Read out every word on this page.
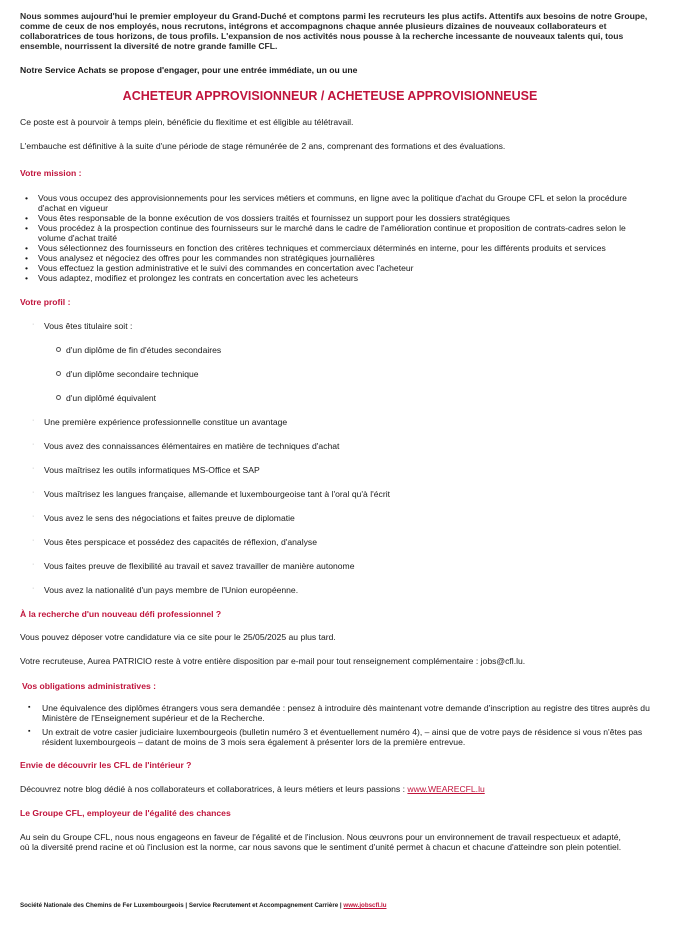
Nous sommes aujourd'hui le premier employeur du Grand-Duché et comptons parmi les recruteurs les plus actifs. Attentifs aux besoins de notre Groupe, comme de ceux de nos employés, nous recrutons, intégrons et accompagnons chaque année plusieurs dizaines de nouveaux collaborateurs et collaboratrices de tous horizons, de tous profils. L'expansion de nos activités nous pousse à la recherche incessante de nouveaux talents qui, tous ensemble, nourrissent la diversité de notre grande famille CFL.

Notre Service Achats se propose d'engager, pour une entrée immédiate, un ou une

ACHETEUR APPROVISIONNEUR / ACHETEUSE APPROVISIONNEUSE

Ce poste est à pourvoir à temps plein, bénéficie du flexitime et est éligible au télétravail.

L'embauche est définitive à la suite d'une période de stage rémunérée de 2 ans, comprenant des formations et des évaluations.

Votre mission :

• Vous vous occupez des approvisionnements pour les services métiers et communs, en ligne avec la politique d'achat du Groupe CFL et selon la procédure d'achat en vigueur
• Vous êtes responsable de la bonne exécution de vos dossiers traités et fournissez un support pour les dossiers stratégiques
• Vous procédez à la prospection continue des fournisseurs sur le marché dans le cadre de l'amélioration continue et proposition de contrats-cadres selon le volume d'achat traité
• Vous sélectionnez des fournisseurs en fonction des critères techniques et commerciaux déterminés en interne, pour les différents produits et services
• Vous analysez et négociez des offres pour les commandes non stratégiques journalières
• Vous effectuez la gestion administrative et le suivi des commandes en concertation avec l'acheteur
• Vous adaptez, modifiez et prolongez les contrats en concertation avec les acheteurs

Votre profil :

· Vous êtes titulaire soit :
d'un diplôme de fin d'études secondaires
d'un diplôme secondaire technique
d'un diplômé équivalent
· Une première expérience professionnelle constitue un avantage
· Vous avez des connaissances élémentaires en matière de techniques d'achat
· Vous maîtrisez les outils informatiques MS-Office et SAP
· Vous maîtrisez les langues française, allemande et luxembourgeoise tant à l'oral qu'à l'écrit
· Vous avez le sens des négociations et faites preuve de diplomatie
· Vous êtes perspicace et possédez des capacités de réflexion, d'analyse
· Vous faites preuve de flexibilité au travail et savez travailler de manière autonome
· Vous avez la nationalité d'un pays membre de l'Union européenne.

À la recherche d'un nouveau défi professionnel ?

Vous pouvez déposer votre candidature via ce site pour le 25/05/2025 au plus tard.

Votre recruteuse, Aurea PATRICIO reste à votre entière disposition par e-mail pour tout renseignement complémentaire : jobs@cfl.lu.

Vos obligations administratives :

▪ Une équivalence des diplômes étrangers vous sera demandée : pensez à introduire dès maintenant votre demande d'inscription au registre des titres auprès du Ministère de l'Enseignement supérieur et de la Recherche.
▪ Un extrait de votre casier judiciaire luxembourgeois (bulletin numéro 3 et éventuellement numéro 4), – ainsi que de votre pays de résidence si vous n'êtes pas résident luxembourgeois – datant de moins de 3 mois sera également à présenter lors de la première entrevue.

Envie de découvrir les CFL de l'intérieur ?

Découvrez notre blog dédié à nos collaborateurs et collaboratrices, à leurs métiers et leurs passions : www.WEARECFL.lu

Le Groupe CFL, employeur de l'égalité des chances

Au sein du Groupe CFL, nous nous engageons en faveur de l'égalité et de l'inclusion. Nous œuvrons pour un environnement de travail respectueux et adapté, où la diversité prend racine et où l'inclusion est la norme, car nous savons que le sentiment d'unité permet à chacun et chacune d'atteindre son plein potentiel.

Société Nationale des Chemins de Fer Luxembourgeois | Service Recrutement et Accompagnement Carrière | www.jobscfl.lu
